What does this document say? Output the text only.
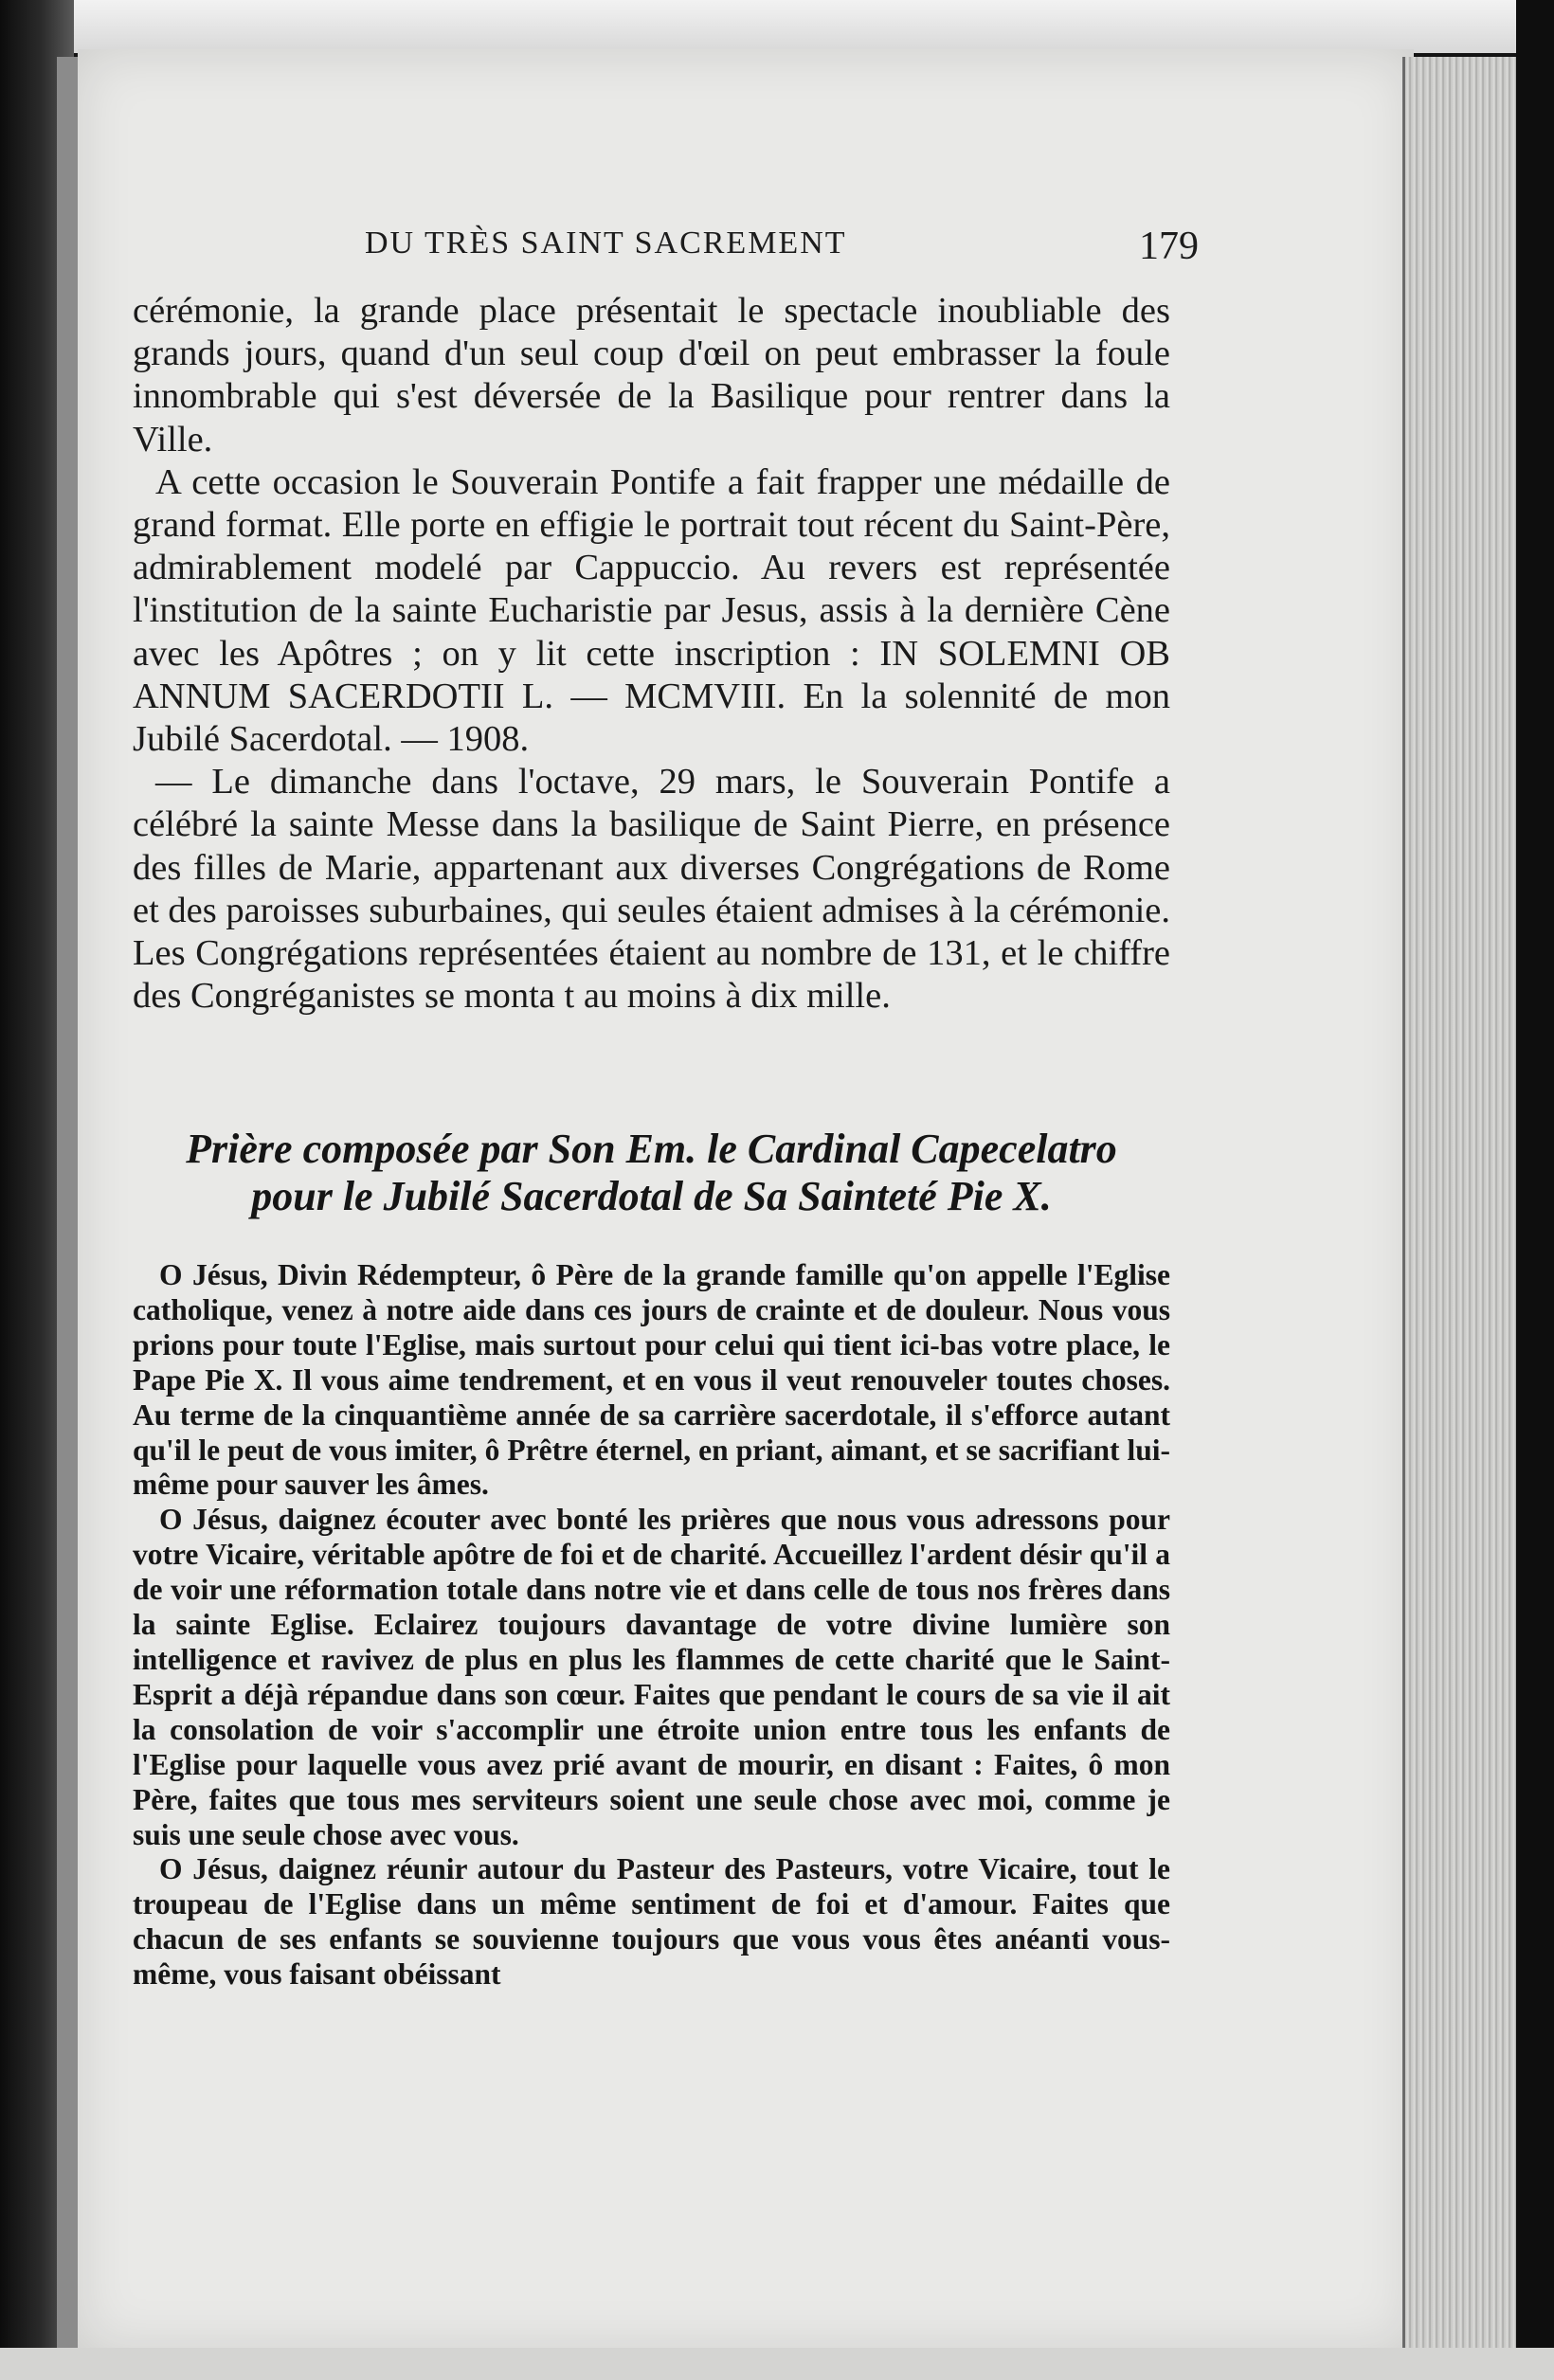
DU TRÈS SAINT SACREMENT	179

cérémonie, la grande place présentait le spectacle inoubliable des grands jours, quand d'un seul coup d'œil on peut embrasser la foule innombrable qui s'est déversée de la Basilique pour rentrer dans la Ville.

A cette occasion le Souverain Pontife a fait frapper une médaille de grand format. Elle porte en effigie le portrait tout récent du Saint-Père, admirablement modelé par Cappuccio. Au revers est représentée l'institution de la sainte Eucharistie par Jesus, assis à la dernière Cène avec les Apôtres ; on y lit cette inscription : IN SOLEMNI OB ANNUM SACERDOTII L. — MCMVIII. En la solennité de mon Jubilé Sacerdotal. — 1908.

— Le dimanche dans l'octave, 29 mars, le Souverain Pontife a célébré la sainte Messe dans la basilique de Saint Pierre, en présence des filles de Marie, appartenant aux diverses Congrégations de Rome et des paroisses suburbaines, qui seules étaient admises à la cérémonie. Les Congrégations représentées étaient au nombre de 131, et le chiffre des Congréganistes se monta t au moins à dix mille.

Prière composée par Son Em. le Cardinal Capecelatro
pour le Jubilé Sacerdotal de Sa Sainteté Pie X.

O Jésus, Divin Rédempteur, ô Père de la grande famille qu'on appelle l'Eglise catholique, venez à notre aide dans ces jours de crainte et de douleur. Nous vous prions pour toute l'Eglise, mais surtout pour celui qui tient ici-bas votre place, le Pape Pie X. Il vous aime tendrement, et en vous il veut renouveler toutes choses. Au terme de la cinquantième année de sa carrière sacerdotale, il s'efforce autant qu'il le peut de vous imiter, ô Prêtre éternel, en priant, aimant, et se sacrifiant lui-même pour sauver les âmes.

O Jésus, daignez écouter avec bonté les prières que nous vous adressons pour votre Vicaire, véritable apôtre de foi et de charité. Accueillez l'ardent désir qu'il a de voir une réformation totale dans notre vie et dans celle de tous nos frères dans la sainte Eglise. Eclairez toujours davantage de votre divine lumière son intelligence et ravivez de plus en plus les flammes de cette charité que le Saint-Esprit a déjà répandue dans son cœur. Faites que pendant le cours de sa vie il ait la consolation de voir s'accomplir une étroite union entre tous les enfants de l'Eglise pour laquelle vous avez prié avant de mourir, en disant : Faites, ô mon Père, faites que tous mes serviteurs soient une seule chose avec moi, comme je suis une seule chose avec vous.

O Jésus, daignez réunir autour du Pasteur des Pasteurs, votre Vicaire, tout le troupeau de l'Eglise dans un même sentiment de foi et d'amour. Faites que chacun de ses enfants se souvienne toujours que vous vous êtes anéanti vous-même, vous faisant obéissant
